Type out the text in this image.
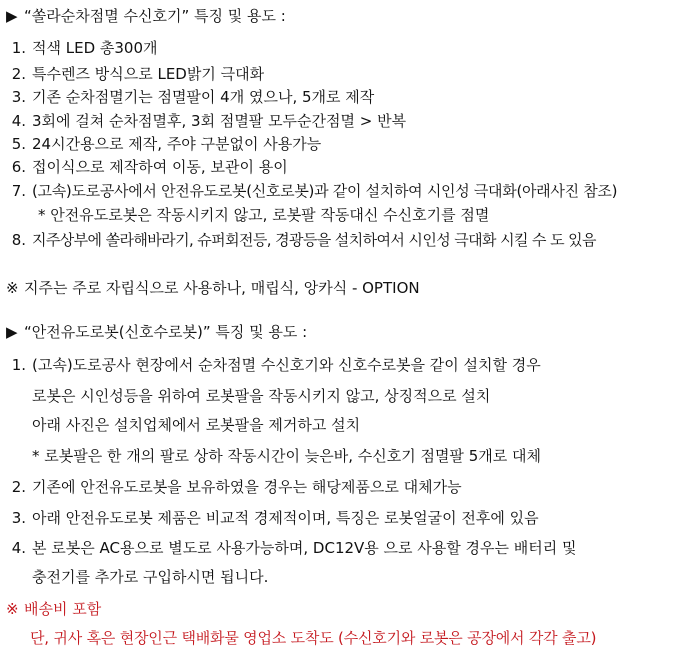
▶ “쏠라순차점멸 수신호기” 특징 및 용도 :
1. 적색 LED 총300개
2. 특수렌즈 방식으로 LED밝기 극대화
3. 기존 순차점멸기는 점멸팔이 4개 였으나, 5개로 제작
4. 3회에 걸쳐 순차점멸후, 3회 점멸팔 모두순간점멸 > 반복
5. 24시간용으로 제작, 주야 구분없이 사용가능
6. 접이식으로 제작하여 이동, 보관이 용이
7. (고속)도로공사에서 안전유도로봇(신호로봇)과 같이 설치하여 시인성 극대화(아래사진 참조)
* 안전유도로봇은 작동시키지 않고, 로봇팔 작동대신 수신호기를 점멸
8. 지주상부에 쏠라해바라기, 슈퍼회전등, 경광등을 설치하여서 시인성 극대화 시킬 수 도 있음
※ 지주는 주로 자립식으로 사용하나, 매립식, 앙카식 - OPTION
▶ “안전유도로봇(신호수로봇)” 특징 및 용도 :
1. (고속)도로공사 현장에서 순차점멸 수신호기와 신호수로봇을 같이 설치할 경우
로봇은 시인성등을 위하여 로봇팔을 작동시키지 않고, 상징적으로 설치
아래 사진은 설치업체에서 로봇팔을 제거하고 설치
* 로봇팔은 한 개의 팔로 상하 작동시간이 늦은바, 수신호기 점멸팔 5개로 대체
2. 기존에 안전유도로봇을 보유하였을 경우는 해당제품으로 대체가능
3. 아래 안전유도로봇 제품은 비교적 경제적이며, 특징은 로봇얼굴이 전후에 있음
4. 본 로봇은 AC용으로 별도로 사용가능하며, DC12V용 으로 사용할 경우는 배터리 및
충전기를 추가로 구입하시면 됩니다.
※ 배송비 포함
단, 귀사 혹은 현장인근 택배화물 영업소 도착도 (수신호기와 로봇은 공장에서 각각 출고)
